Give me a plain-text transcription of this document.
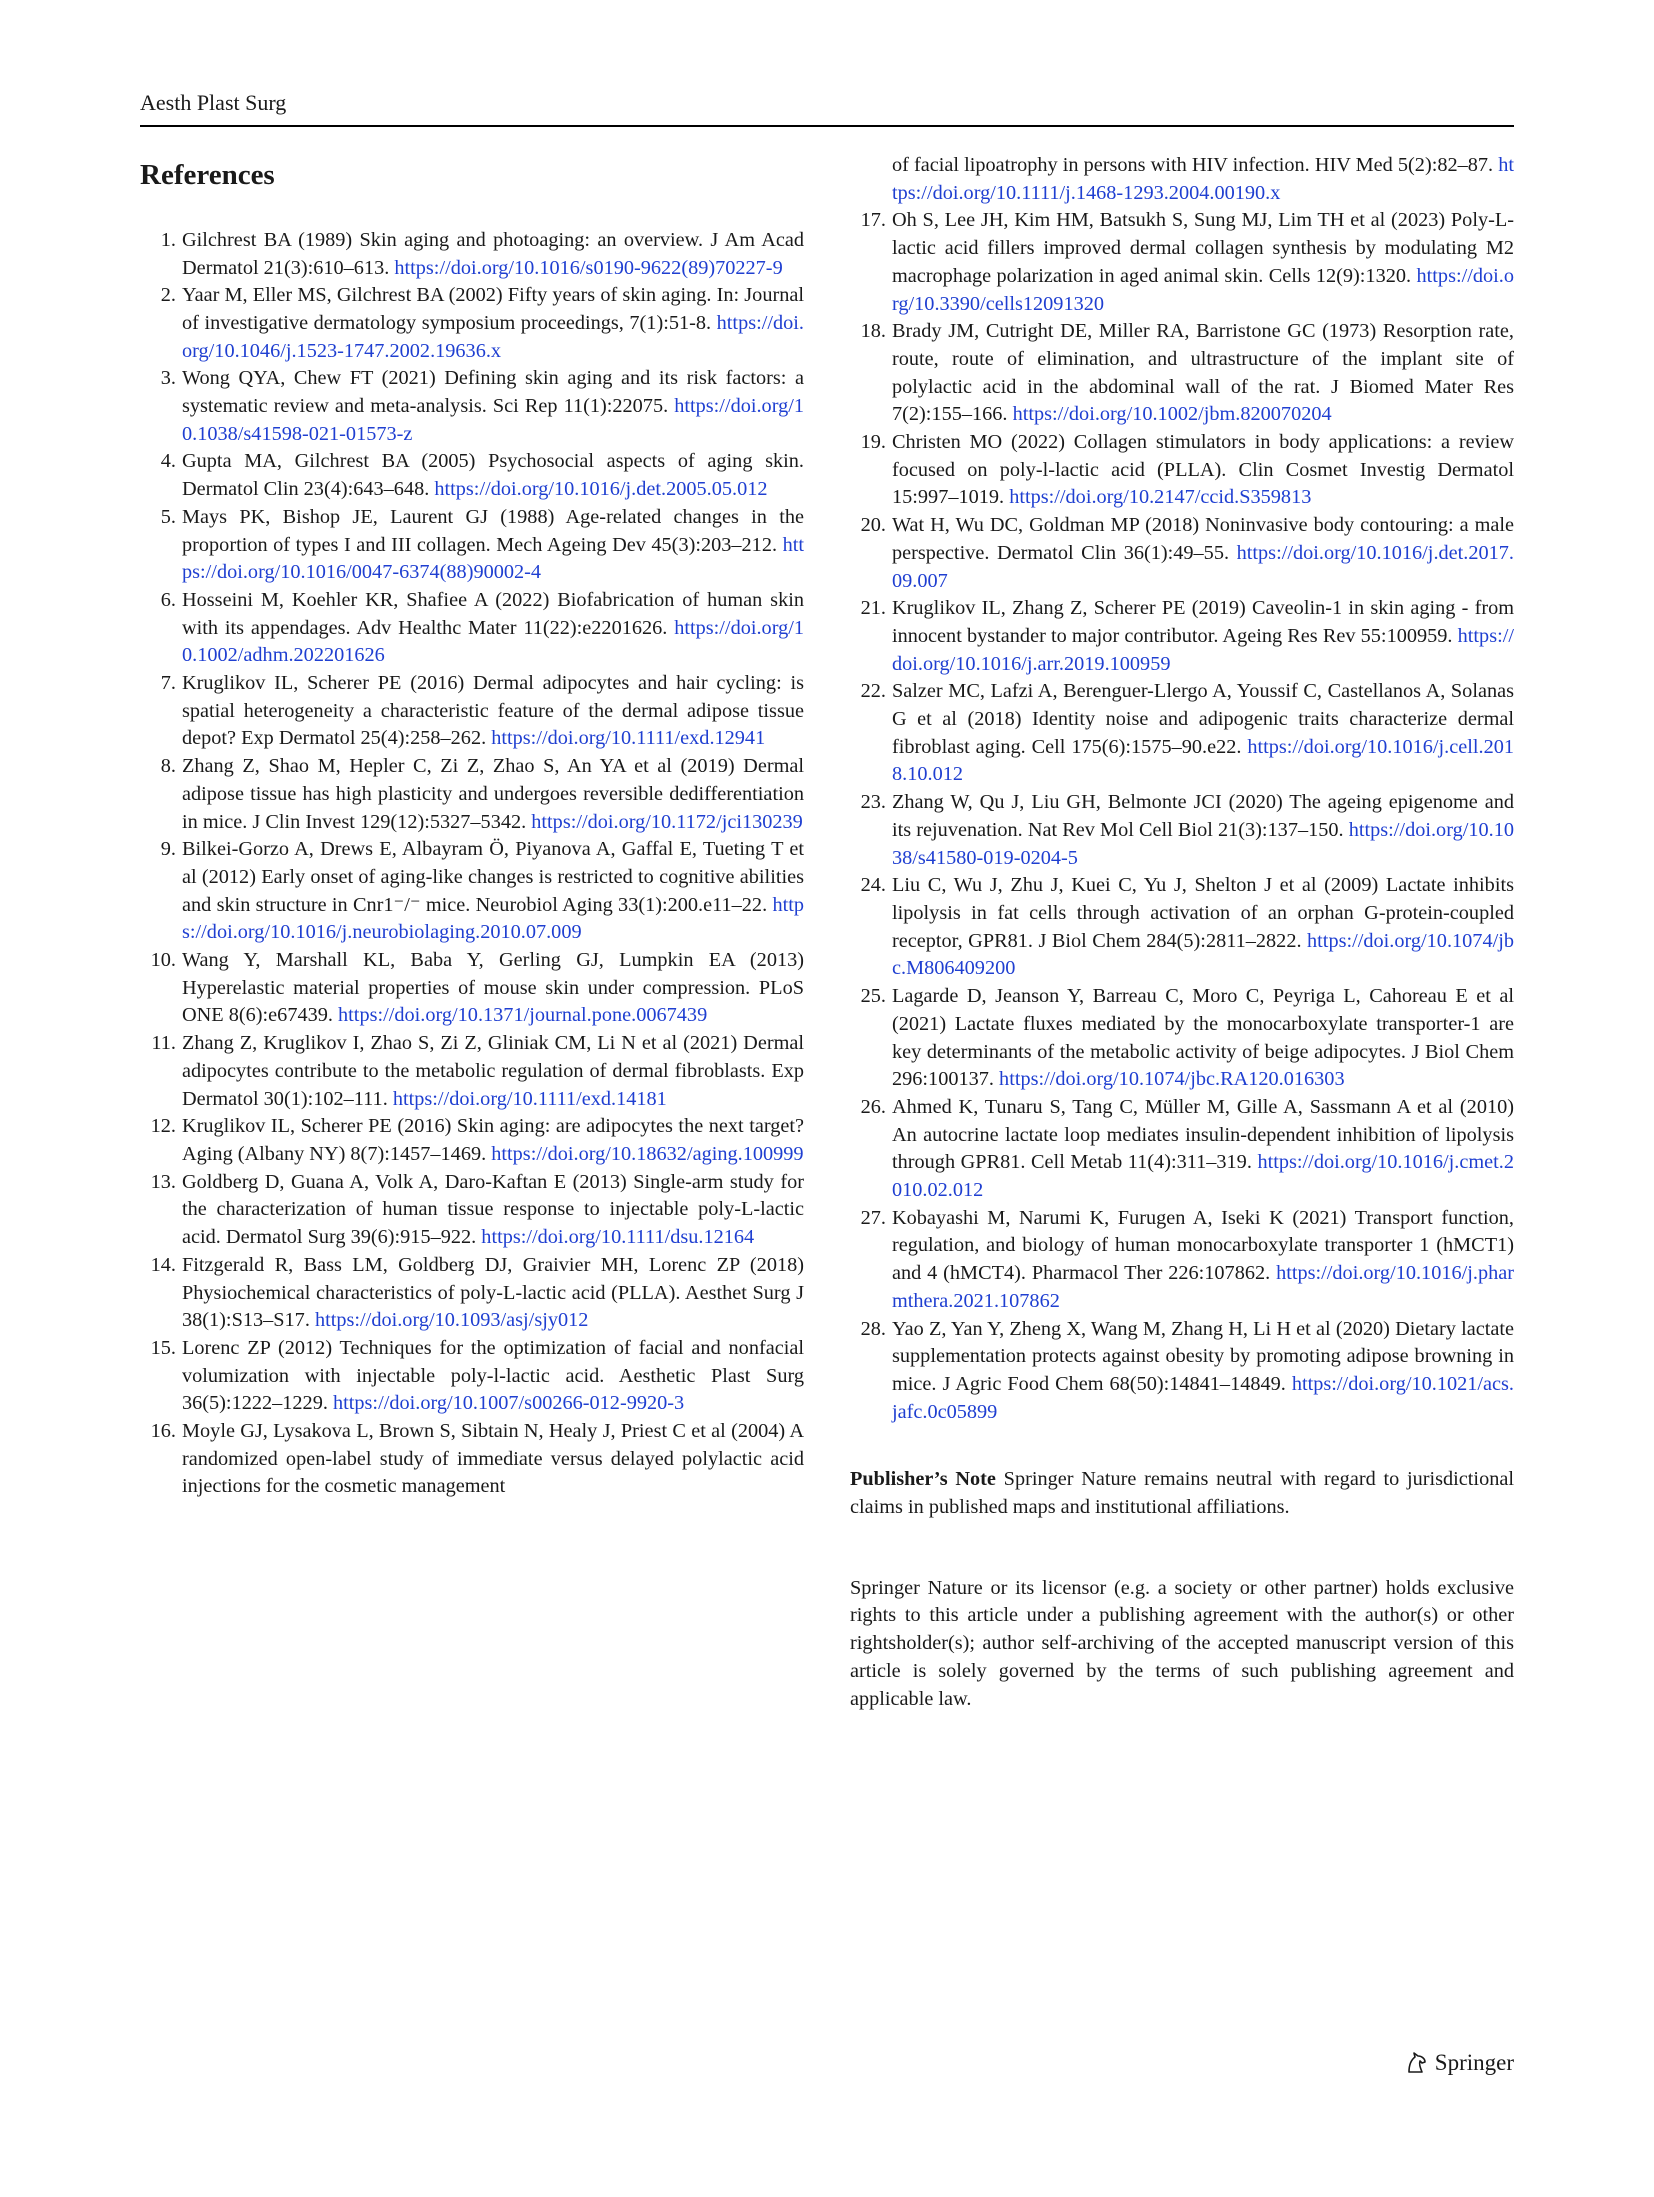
Aesth Plast Surg
References
1. Gilchrest BA (1989) Skin aging and photoaging: an overview. J Am Acad Dermatol 21(3):610–613. https://doi.org/10.1016/s0190-9622(89)70227-9
2. Yaar M, Eller MS, Gilchrest BA (2002) Fifty years of skin aging. In: Journal of investigative dermatology symposium proceedings, 7(1):51-8. https://doi.org/10.1046/j.1523-1747.2002.19636.x
3. Wong QYA, Chew FT (2021) Defining skin aging and its risk factors: a systematic review and meta-analysis. Sci Rep 11(1):22075. https://doi.org/10.1038/s41598-021-01573-z
4. Gupta MA, Gilchrest BA (2005) Psychosocial aspects of aging skin. Dermatol Clin 23(4):643–648. https://doi.org/10.1016/j.det.2005.05.012
5. Mays PK, Bishop JE, Laurent GJ (1988) Age-related changes in the proportion of types I and III collagen. Mech Ageing Dev 45(3):203–212. https://doi.org/10.1016/0047-6374(88)90002-4
6. Hosseini M, Koehler KR, Shafiee A (2022) Biofabrication of human skin with its appendages. Adv Healthc Mater 11(22):e2201626. https://doi.org/10.1002/adhm.202201626
7. Kruglikov IL, Scherer PE (2016) Dermal adipocytes and hair cycling: is spatial heterogeneity a characteristic feature of the dermal adipose tissue depot? Exp Dermatol 25(4):258–262. https://doi.org/10.1111/exd.12941
8. Zhang Z, Shao M, Hepler C, Zi Z, Zhao S, An YA et al (2019) Dermal adipose tissue has high plasticity and undergoes reversible dedifferentiation in mice. J Clin Invest 129(12):5327–5342. https://doi.org/10.1172/jci130239
9. Bilkei-Gorzo A, Drews E, Albayram Ö, Piyanova A, Gaffal E, Tueting T et al (2012) Early onset of aging-like changes is restricted to cognitive abilities and skin structure in Cnr1⁻/⁻ mice. Neurobiol Aging 33(1):200.e11–22. https://doi.org/10.1016/j.neurobiolaging.2010.07.009
10. Wang Y, Marshall KL, Baba Y, Gerling GJ, Lumpkin EA (2013) Hyperelastic material properties of mouse skin under compression. PLoS ONE 8(6):e67439. https://doi.org/10.1371/journal.pone.0067439
11. Zhang Z, Kruglikov I, Zhao S, Zi Z, Gliniak CM, Li N et al (2021) Dermal adipocytes contribute to the metabolic regulation of dermal fibroblasts. Exp Dermatol 30(1):102–111. https://doi.org/10.1111/exd.14181
12. Kruglikov IL, Scherer PE (2016) Skin aging: are adipocytes the next target? Aging (Albany NY) 8(7):1457–1469. https://doi.org/10.18632/aging.100999
13. Goldberg D, Guana A, Volk A, Daro-Kaftan E (2013) Single-arm study for the characterization of human tissue response to injectable poly-L-lactic acid. Dermatol Surg 39(6):915–922. https://doi.org/10.1111/dsu.12164
14. Fitzgerald R, Bass LM, Goldberg DJ, Graivier MH, Lorenc ZP (2018) Physiochemical characteristics of poly-L-lactic acid (PLLA). Aesthet Surg J 38(1):S13–S17. https://doi.org/10.1093/asj/sjy012
15. Lorenc ZP (2012) Techniques for the optimization of facial and nonfacial volumization with injectable poly-l-lactic acid. Aesthetic Plast Surg 36(5):1222–1229. https://doi.org/10.1007/s00266-012-9920-3
16. Moyle GJ, Lysakova L, Brown S, Sibtain N, Healy J, Priest C et al (2004) A randomized open-label study of immediate versus delayed polylactic acid injections for the cosmetic management
of facial lipoatrophy in persons with HIV infection. HIV Med 5(2):82–87. https://doi.org/10.1111/j.1468-1293.2004.00190.x
17. Oh S, Lee JH, Kim HM, Batsukh S, Sung MJ, Lim TH et al (2023) Poly-L-lactic acid fillers improved dermal collagen synthesis by modulating M2 macrophage polarization in aged animal skin. Cells 12(9):1320. https://doi.org/10.3390/cells12091320
18. Brady JM, Cutright DE, Miller RA, Barristone GC (1973) Resorption rate, route, route of elimination, and ultrastructure of the implant site of polylactic acid in the abdominal wall of the rat. J Biomed Mater Res 7(2):155–166. https://doi.org/10.1002/jbm.820070204
19. Christen MO (2022) Collagen stimulators in body applications: a review focused on poly-l-lactic acid (PLLA). Clin Cosmet Investig Dermatol 15:997–1019. https://doi.org/10.2147/ccid.S359813
20. Wat H, Wu DC, Goldman MP (2018) Noninvasive body contouring: a male perspective. Dermatol Clin 36(1):49–55. https://doi.org/10.1016/j.det.2017.09.007
21. Kruglikov IL, Zhang Z, Scherer PE (2019) Caveolin-1 in skin aging - from innocent bystander to major contributor. Ageing Res Rev 55:100959. https://doi.org/10.1016/j.arr.2019.100959
22. Salzer MC, Lafzi A, Berenguer-Llergo A, Youssif C, Castellanos A, Solanas G et al (2018) Identity noise and adipogenic traits characterize dermal fibroblast aging. Cell 175(6):1575–90.e22. https://doi.org/10.1016/j.cell.2018.10.012
23. Zhang W, Qu J, Liu GH, Belmonte JCI (2020) The ageing epigenome and its rejuvenation. Nat Rev Mol Cell Biol 21(3):137–150. https://doi.org/10.1038/s41580-019-0204-5
24. Liu C, Wu J, Zhu J, Kuei C, Yu J, Shelton J et al (2009) Lactate inhibits lipolysis in fat cells through activation of an orphan G-protein-coupled receptor, GPR81. J Biol Chem 284(5):2811–2822. https://doi.org/10.1074/jbc.M806409200
25. Lagarde D, Jeanson Y, Barreau C, Moro C, Peyriga L, Cahoreau E et al (2021) Lactate fluxes mediated by the monocarboxylate transporter-1 are key determinants of the metabolic activity of beige adipocytes. J Biol Chem 296:100137. https://doi.org/10.1074/jbc.RA120.016303
26. Ahmed K, Tunaru S, Tang C, Müller M, Gille A, Sassmann A et al (2010) An autocrine lactate loop mediates insulin-dependent inhibition of lipolysis through GPR81. Cell Metab 11(4):311–319. https://doi.org/10.1016/j.cmet.2010.02.012
27. Kobayashi M, Narumi K, Furugen A, Iseki K (2021) Transport function, regulation, and biology of human monocarboxylate transporter 1 (hMCT1) and 4 (hMCT4). Pharmacol Ther 226:107862. https://doi.org/10.1016/j.pharmthera.2021.107862
28. Yao Z, Yan Y, Zheng X, Wang M, Zhang H, Li H et al (2020) Dietary lactate supplementation protects against obesity by promoting adipose browning in mice. J Agric Food Chem 68(50):14841–14849. https://doi.org/10.1021/acs.jafc.0c05899
Publisher’s Note Springer Nature remains neutral with regard to jurisdictional claims in published maps and institutional affiliations.
Springer Nature or its licensor (e.g. a society or other partner) holds exclusive rights to this article under a publishing agreement with the author(s) or other rightsholder(s); author self-archiving of the accepted manuscript version of this article is solely governed by the terms of such publishing agreement and applicable law.
Springer
